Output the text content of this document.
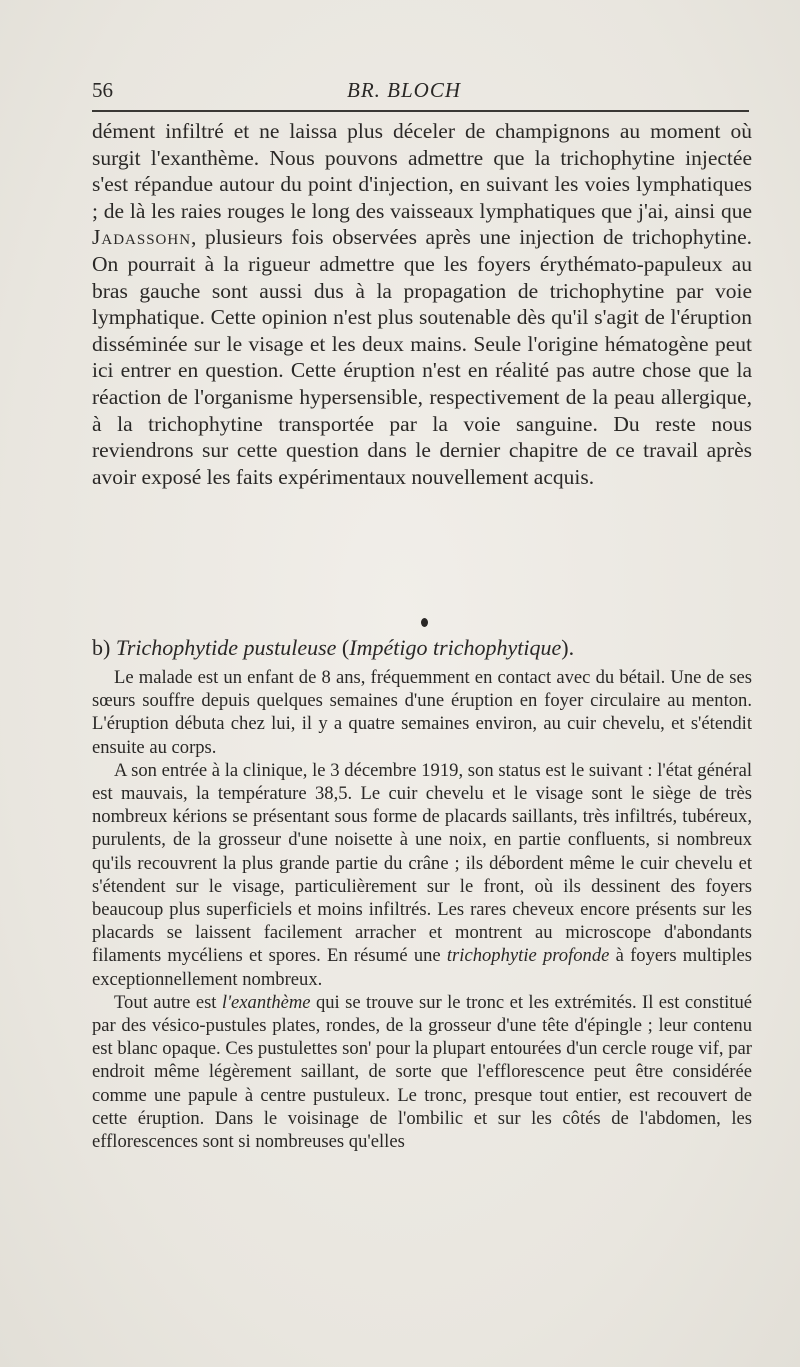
56	BR. BLOCH

dément infiltré et ne laissa plus déceler de champignons au moment où surgit l'exanthème. Nous pouvons admettre que la trichophytine injectée s'est répandue autour du point d'injection, en suivant les voies lymphatiques ; de là les raies rouges le long des vaisseaux lymphatiques que j'ai, ainsi que Jadassohn, plusieurs fois observées après une injection de trichophytine. On pourrait à la rigueur admettre que les foyers érythémato-papuleux au bras gauche sont aussi dus à la propagation de trichophytine par voie lymphatique. Cette opinion n'est plus soutenable dès qu'il s'agit de l'éruption disséminée sur le visage et les deux mains. Seule l'origine hématogène peut ici entrer en question. Cette éruption n'est en réalité pas autre chose que la réaction de l'organisme hypersensible, respectivement de la peau allergique, à la trichophytine transportée par la voie sanguine. Du reste nous reviendrons sur cette question dans le dernier chapitre de ce travail après avoir exposé les faits expérimentaux nouvellement acquis.

b) Trichophytide pustuleuse (Impétigo trichophytique).

Le malade est un enfant de 8 ans, fréquemment en contact avec du bétail. Une de ses sœurs souffre depuis quelques semaines d'une éruption en foyer circulaire au menton. L'éruption débuta chez lui, il y a quatre semaines environ, au cuir chevelu, et s'étendit ensuite au corps.

A son entrée à la clinique, le 3 décembre 1919, son status est le suivant : l'état général est mauvais, la température 38,5. Le cuir chevelu et le visage sont le siège de très nombreux kérions se présentant sous forme de placards saillants, très infiltrés, tubéreux, purulents, de la grosseur d'une noisette à une noix, en partie confluents, si nombreux qu'ils recouvrent la plus grande partie du crâne ; ils débordent même le cuir chevelu et s'étendent sur le visage, particulièrement sur le front, où ils dessinent des foyers beaucoup plus superficiels et moins infiltrés. Les rares cheveux encore présents sur les placards se laissent facilement arracher et montrent au microscope d'abondants filaments mycéliens et spores. En résumé une trichophytie profonde à foyers multiples exceptionnellement nombreux.

Tout autre est l'exanthème qui se trouve sur le tronc et les extrémités. Il est constitué par des vésico-pustules plates, rondes, de la grosseur d'une tête d'épingle ; leur contenu est blanc opaque. Ces pustulettes son' pour la plupart entourées d'un cercle rouge vif, par endroit même légèrement saillant, de sorte que l'efflorescence peut être considérée comme une papule à centre pustuleux. Le tronc, presque tout entier, est recouvert de cette éruption. Dans le voisinage de l'ombilic et sur les côtés de l'abdomen, les efflorescences sont si nombreuses qu'elles
